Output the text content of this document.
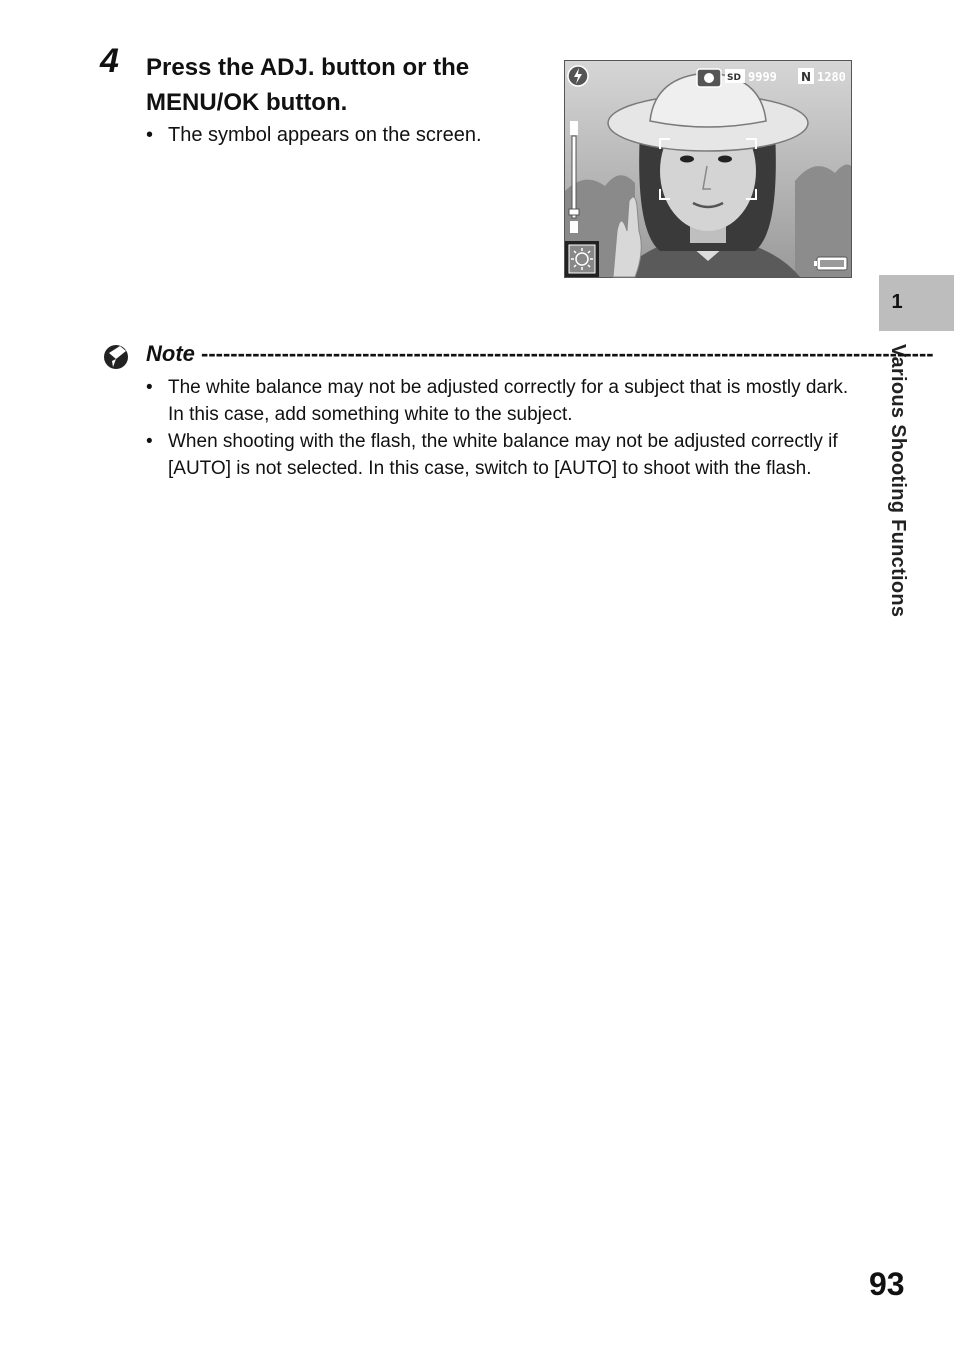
4 Press the ADJ. button or the MENU/OK button.
• The symbol appears on the screen.
SD 9999 N 1280
1
Various Shooting Functions
Note ----------------------------------------------------------------------------------------------------
• The white balance may not be adjusted correctly for a subject that is mostly dark. In this case, add something white to the subject.
• When shooting with the flash, the white balance may not be adjusted correctly if [AUTO] is not selected. In this case, switch to [AUTO] to shoot with the flash.
93
